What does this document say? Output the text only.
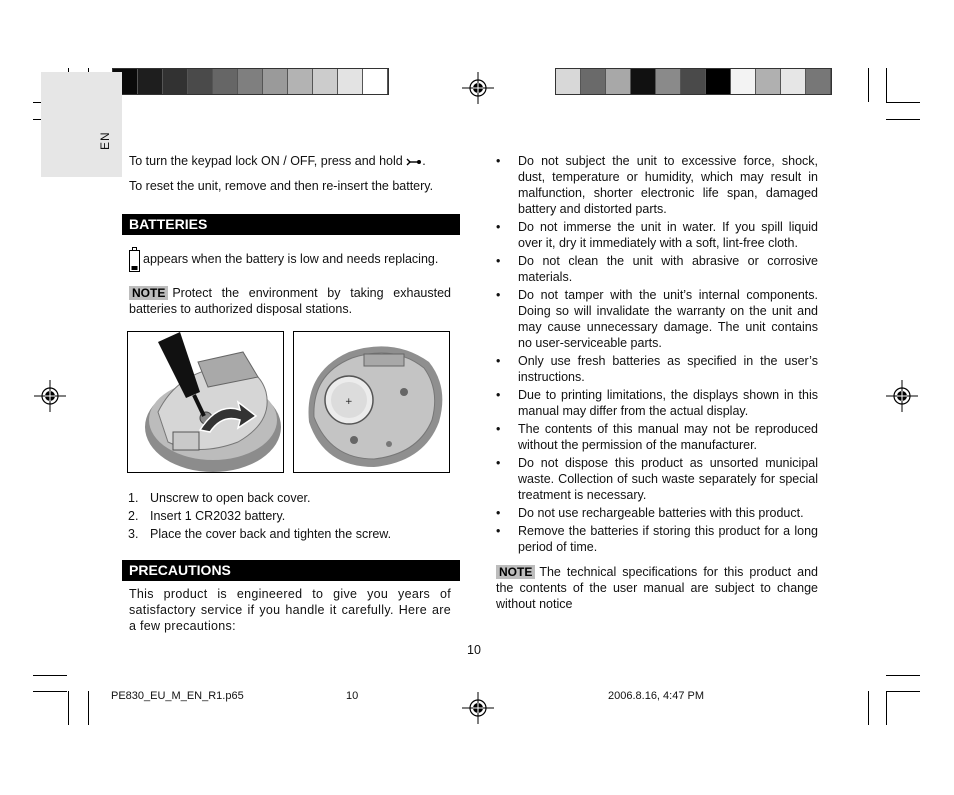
EN
To turn the keypad lock ON / OFF, press and hold .
To reset the unit, remove and then re-insert the battery.
BATTERIES
appears when the battery is low and needs replacing.
NOTE Protect the environment by taking exhausted batteries to authorized disposal stations.
+
1. Unscrew to open back cover.
2. Insert 1 CR2032 battery.
3. Place the cover back and tighten the screw.
PRECAUTIONS
This product is engineered to give you years of satisfactory service if you handle it carefully. Here are a few precautions:
• Do not subject the unit to excessive force, shock, dust, temperature or humidity, which may result in malfunction, shorter electronic life span, damaged battery and distorted parts.
• Do not immerse the unit in water. If you spill liquid over it, dry it immediately with a soft, lint-free cloth.
• Do not clean the unit with abrasive or corrosive materials.
• Do not tamper with the unit’s internal components. Doing so will invalidate the warranty on the unit and may cause unnecessary damage. The unit contains no user-serviceable parts.
• Only use fresh batteries as specified in the user’s instructions.
• Due to printing limitations, the displays shown in this manual may differ from the actual display.
• The contents of this manual may not be reproduced without the permission of the manufacturer.
• Do not dispose this product as unsorted municipal waste. Collection of such waste separately for special treatment is necessary.
• Do not use rechargeable batteries with this product.
• Remove the batteries if storing this product for a long period of time.
NOTE The technical specifications for this product and the contents of the user manual are subject to change without notice
10
PE830_EU_M_EN_R1.p65	10	2006.8.16, 4:47 PM
